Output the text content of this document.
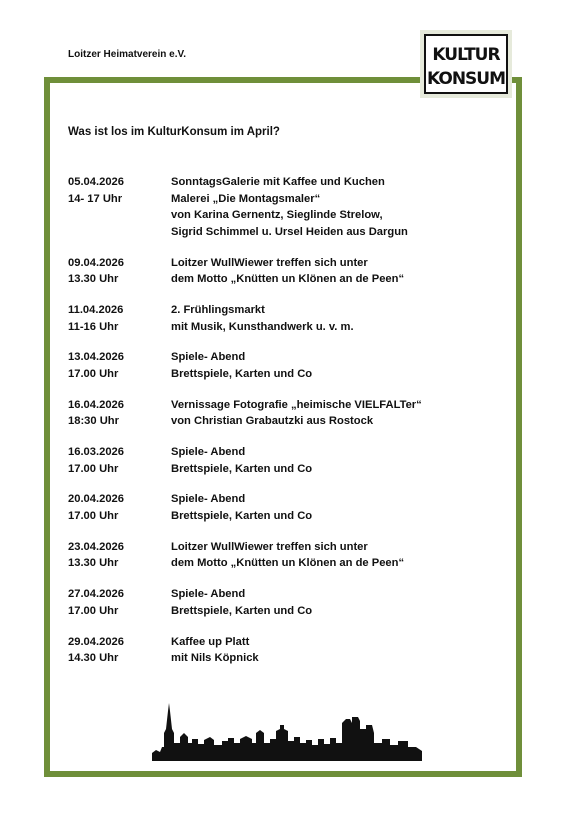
Loitzer Heimatverein e.V.	KULTUR
KONSUM
Was ist los im KulturKonsum im April?
05.04.2026	SonntagsGalerie mit Kaffee und Kuchen
14- 17 Uhr	Malerei „Die Montagsmaler“
von Karina Gernentz, Sieglinde Strelow,
Sigrid Schimmel u. Ursel Heiden aus Dargun
09.04.2026	Loitzer WullWiewer treffen sich unter
13.30 Uhr	dem Motto „Knütten un Klönen an de Peen“
11.04.2026	2. Frühlingsmarkt
11-16 Uhr	mit Musik, Kunsthandwerk u. v. m.
13.04.2026	Spiele- Abend
17.00 Uhr	Brettspiele, Karten und Co
16.04.2026	Vernissage Fotografie „heimische VIELFALTer“
18:30 Uhr	von Christian Grabautzki aus Rostock
16.03.2026	Spiele- Abend
17.00 Uhr	Brettspiele, Karten und Co
20.04.2026	Spiele- Abend
17.00 Uhr	Brettspiele, Karten und Co
23.04.2026	Loitzer WullWiewer treffen sich unter
13.30 Uhr	dem Motto „Knütten un Klönen an de Peen“
27.04.2026	Spiele- Abend
17.00 Uhr	Brettspiele, Karten und Co
29.04.2026	Kaffee up Platt
14.30 Uhr	mit Nils Köpnick
